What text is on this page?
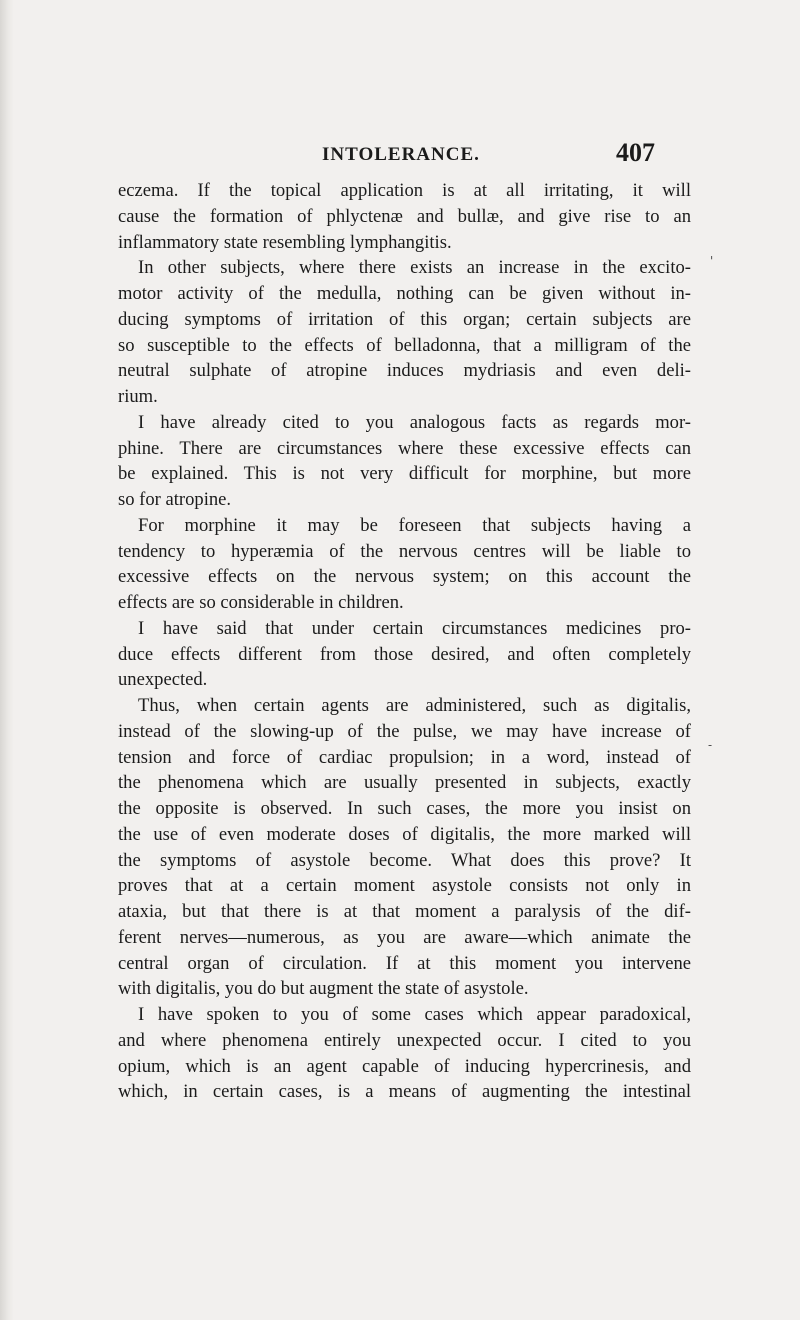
INTOLERANCE.	407
eczema. If the topical application is at all irritating, it will
cause the formation of phlyctenæ and bullæ, and give rise to an
inflammatory state resembling lymphangitis.
In other subjects, where there exists an increase in the excito-
motor activity of the medulla, nothing can be given without in-
ducing symptoms of irritation of this organ; certain subjects are
so susceptible to the effects of belladonna, that a milligram of the
neutral sulphate of atropine induces mydriasis and even deli-
rium.
I have already cited to you analogous facts as regards mor-
phine. There are circumstances where these excessive effects can
be explained. This is not very difficult for morphine, but more
so for atropine.
For morphine it may be foreseen that subjects having a
tendency to hyperæmia of the nervous centres will be liable to
excessive effects on the nervous system; on this account the
effects are so considerable in children.
I have said that under certain circumstances medicines pro-
duce effects different from those desired, and often completely
unexpected.
Thus, when certain agents are administered, such as digitalis,
instead of the slowing-up of the pulse, we may have increase of
tension and force of cardiac propulsion; in a word, instead of
the phenomena which are usually presented in subjects, exactly
the opposite is observed. In such cases, the more you insist on
the use of even moderate doses of digitalis, the more marked will
the symptoms of asystole become. What does this prove? It
proves that at a certain moment asystole consists not only in
ataxia, but that there is at that moment a paralysis of the dif-
ferent nerves—numerous, as you are aware—which animate the
central organ of circulation. If at this moment you intervene
with digitalis, you do but augment the state of asystole.
I have spoken to you of some cases which appear paradoxical,
and where phenomena entirely unexpected occur. I cited to you
opium, which is an agent capable of inducing hypercrinesis, and
which, in certain cases, is a means of augmenting the intestinal
'
-
